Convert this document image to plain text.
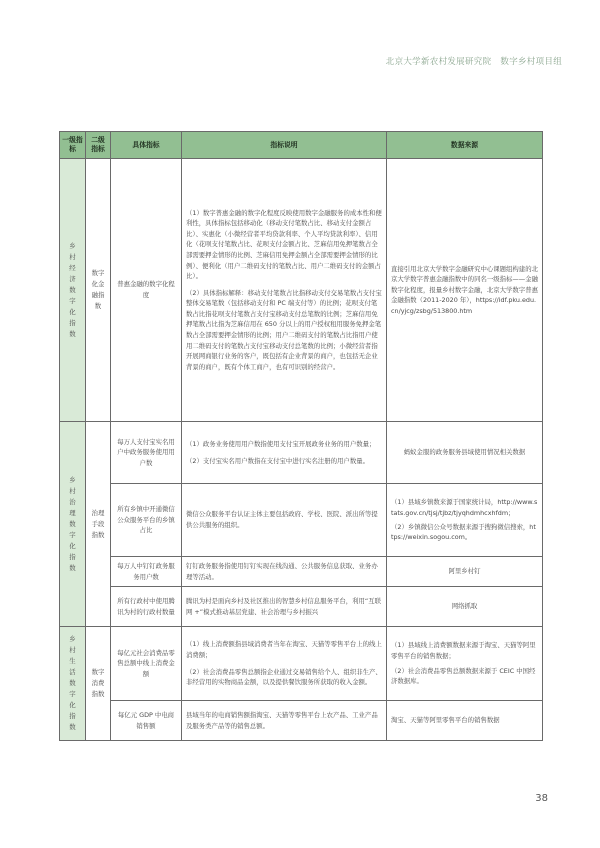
北京大学新农村发展研究院 数字乡村项目组
一级指标	二级指标	具体指标	指标说明	数据来源
乡村经济数字化指数	数字化金融指数	普惠金融的数字化程度	（1）数字普惠金融的数字化程度反映使用数字金融服务的成本性和便利性，具体指标包括移动化（移动支付笔数占比、移动支付金额占比）、实惠化（小微经营者平均贷款利率、个人平均贷款利率）、信用化（花呗支付笔数占比、花呗支付金额占比、芝麻信用免押笔数占全部需要押金情形的比例、芝麻信用免押金额占全部需要押金情形的比例）、便利化（用户二维码支付的笔数占比、用户二维码支付的金额占比）。
（2）具体指标解释：移动支付笔数占比指移动支付交易笔数占支付宝整体交易笔数（包括移动支付和 PC 端支付等）的比例；花呗支付笔数占比指花呗支付笔数占支付宝移动支付总笔数的比例；芝麻信用免押笔数占比指为芝麻信用在 650 分以上的用户授权租用服务免押金笔数占全部需要押金情形的比例；用户二维码支付的笔数占比指用户使用二维码支付的笔数占支付宝移动支付总笔数的比例；小微经营者指开展网商银行业务的客户，既包括有企业背景的商户，也包括无企业背景的商户，既有个体工商户，也有可识别的经营户。	直接引用北京大学数字金融研究中心课题组构建的北京大学数字普惠金融指数中的同名一级指标——金融数字化程度，报量乡村数字金融，北京大学数字普惠金融指数（2011-2020 年），https://idf.pku.edu.cn/yjcg/zsbg/513800.htm
乡村治理数字化指数	治理手段指数	每万人支付宝实名用户中政务服务使用用户数	（1）政务业务使用用户数指使用支付宝开展政务业务的用户数量；
（2）支付宝实名用户数指在支付宝中进行实名注册的用户数量。	蚂蚁金服的政务服务县域使用情况相关数据
		所有乡镇中开通微信公众服务平台的乡镇占比	微信公众服务平台认证主体主要包括政府、学校、医院、派出所等提供公共服务的组织。	（1）县域乡镇数来源于国家统计局，http://www.stats.gov.cn/tjsj/tjbz/tjyqhdmhcxhfdm；
（2）乡镇微信公众号数据来源于搜狗微信搜索，https://weixin.sogou.com。

		每万人中钉钉政务服务用户数	钉钉政务服务指使用钉钉实现在线沟通、公共服务信息获取、业务办理等活动。	阿里乡村钉
		所有行政村中使用腾讯为村的行政村数量	腾讯为村是面向乡村及社区推出的智慧乡村信息服务平台，利用“互联网 +”模式推动基层党建、社会治理与乡村振兴	网络抓取
乡村生活数字化指数	数字消费指数	每亿元社会消费品零售总额中线上消费金额	（1）线上消费额指县域消费者当年在淘宝、天猫等零售平台上的线上消费额；
（2）社会消费品零售总额指企业通过交易销售给个人、组织非生产、非经营用的实物商品金额，以及提供餐饮服务所获取的收入金额。	（1）县域线上消费额数据来源于淘宝、天猫等阿里零售平台的销售数据；
（2）社会消费品零售总额数据来源于 CEIC 中国经济数据库。

		每亿元 GDP 中电商销售额	县域当年的电商销售额指淘宝、天猫等零售平台上农产品、工业产品及服务类产品等的销售总额。	淘宝、天猫等阿里零售平台的销售数据
38
